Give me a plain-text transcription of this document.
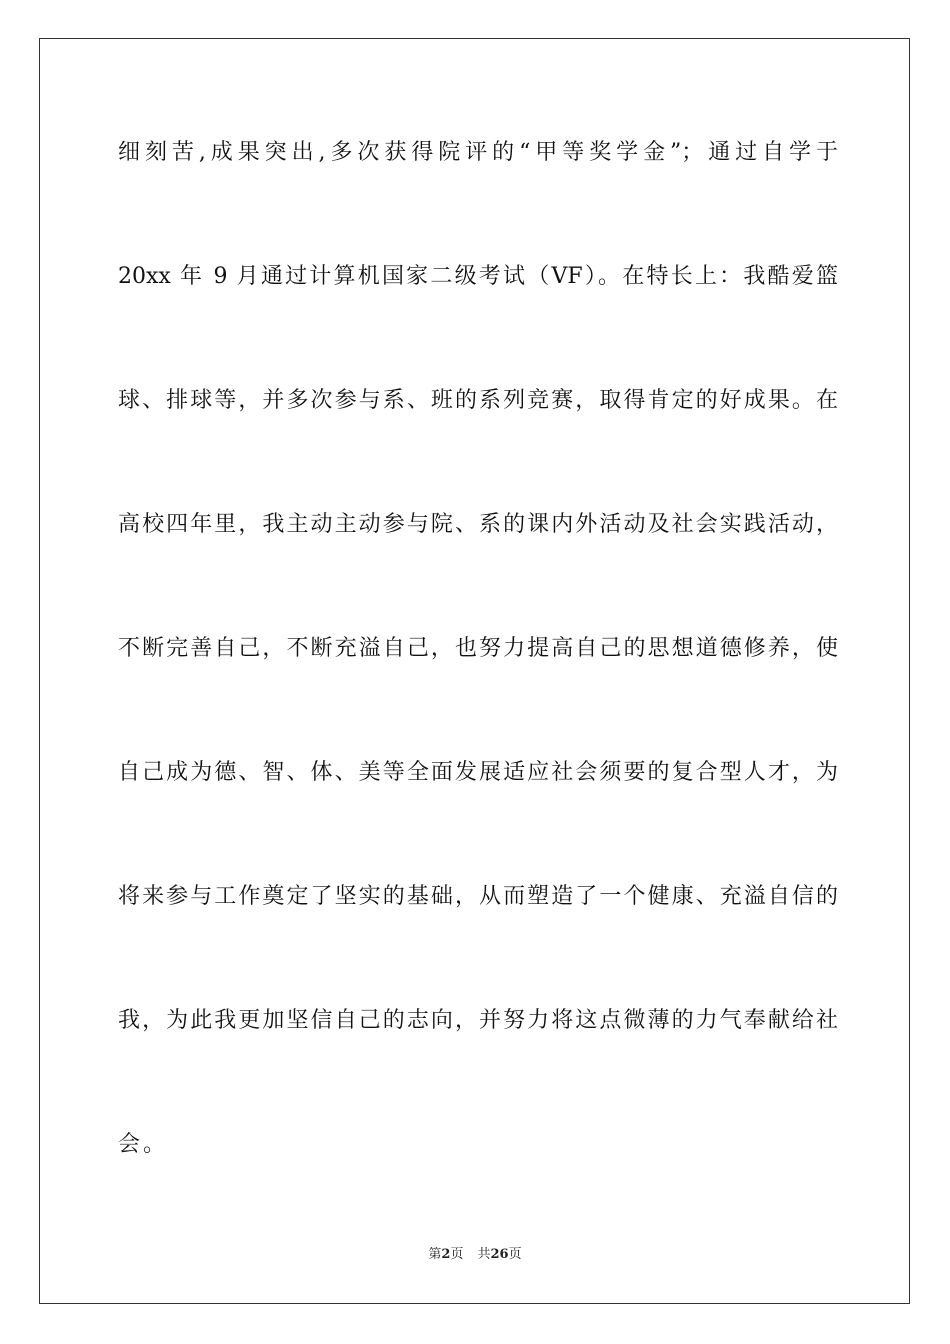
细刻苦,成果突出,多次获得院评的“甲等奖学金”；通过自学于
20xx 年 9 月通过计算机国家二级考试（VF）。在特长上：我酷爱篮
球、排球等，并多次参与系、班的系列竞赛，取得肯定的好成果。在
高校四年里，我主动主动参与院、系的课内外活动及社会实践活动，
不断完善自己，不断充溢自己，也努力提高自己的思想道德修养，使
自己成为德、智、体、美等全面发展适应社会须要的复合型人才，为
将来参与工作奠定了坚实的基础，从而塑造了一个健康、充溢自信的
我，为此我更加坚信自己的志向，并努力将这点微薄的力气奉献给社
会。
第2页 共26页
